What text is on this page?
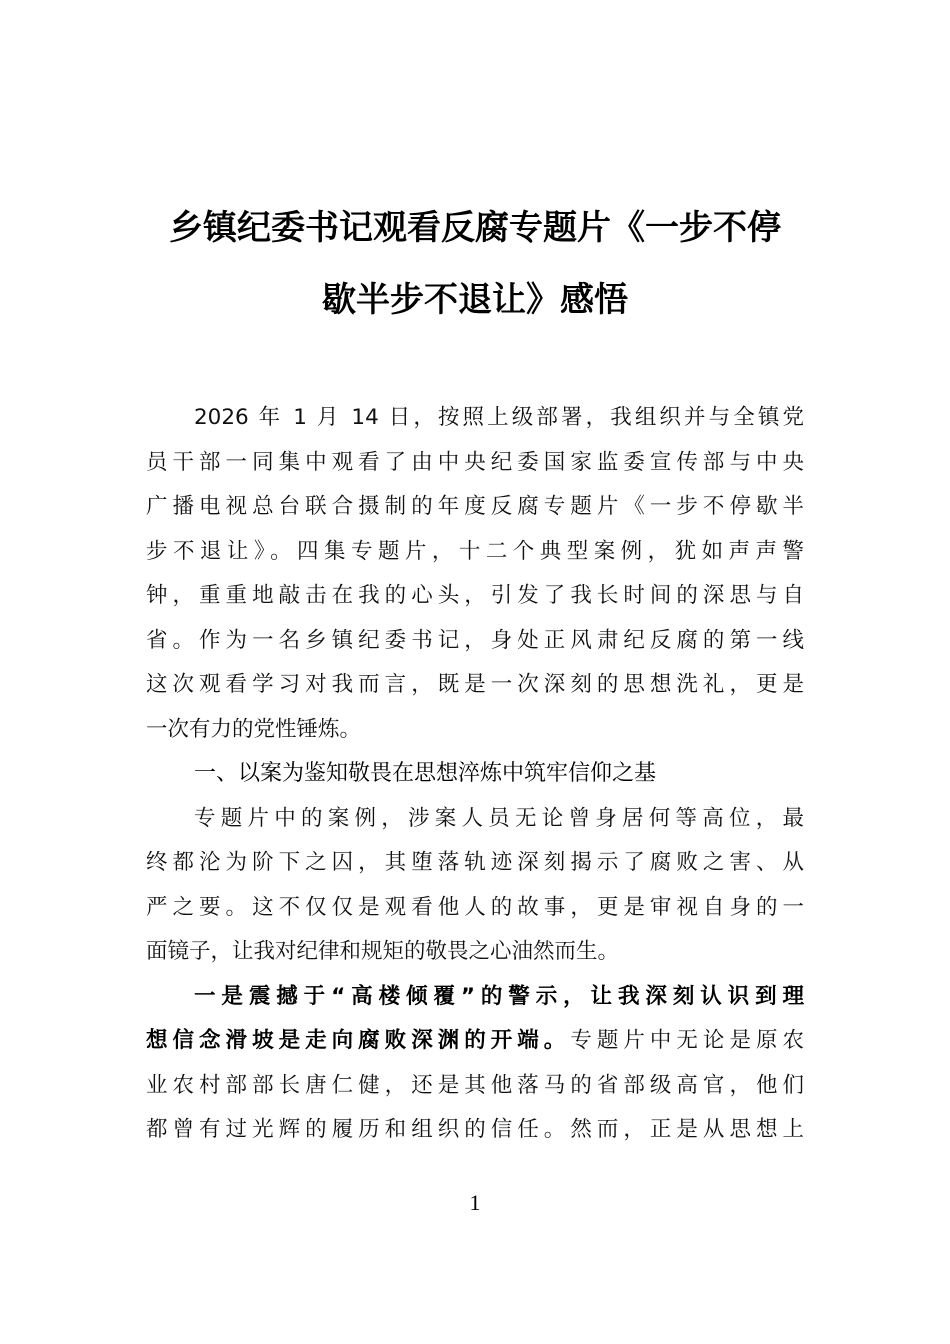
乡镇纪委书记观看反腐专题片《一步不停
歇半步不退让》感悟
2026 年 1 月 14 日，按照上级部署，我组织并与全镇党
员干部一同集中观看了由中央纪委国家监委宣传部与中央
广播电视总台联合摄制的年度反腐专题片《一步不停歇半
步不退让》。四集专题片，十二个典型案例，犹如声声警
钟，重重地敲击在我的心头，引发了我长时间的深思与自
省。作为一名乡镇纪委书记，身处正风肃纪反腐的第一线
这次观看学习对我而言，既是一次深刻的思想洗礼，更是
一次有力的党性锤炼。
一、以案为鉴知敬畏在思想淬炼中筑牢信仰之基
专题片中的案例，涉案人员无论曾身居何等高位，最
终都沦为阶下之囚，其堕落轨迹深刻揭示了腐败之害、从
严之要。这不仅仅是观看他人的故事，更是审视自身的一
面镜子，让我对纪律和规矩的敬畏之心油然而生。
一是震撼于“高楼倾覆”的警示，让我深刻认识到理
想信念滑坡是走向腐败深渊的开端。专题片中无论是原农
业农村部部长唐仁健，还是其他落马的省部级高官，他们
都曾有过光辉的履历和组织的信任。然而，正是从思想上
1
